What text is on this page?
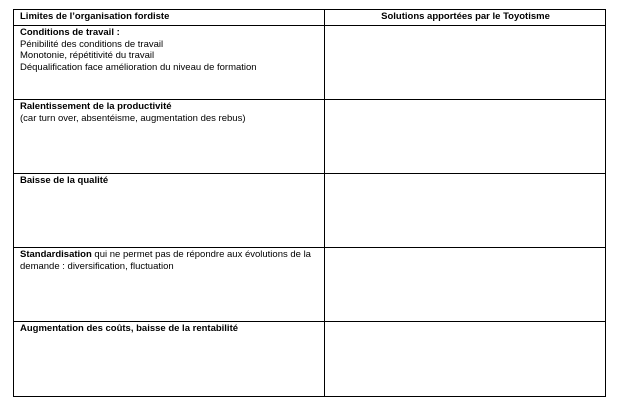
Limites de l’organisation fordiste	Solutions apportées par le Toyotisme

Conditions de travail :
Pénibilité des conditions de travail
Monotonie, répétitivité du travail
Déqualification face amélioration du niveau de formation	

Ralentissement de la productivité
(car turn over, absentéisme, augmentation des rebus)	

Baisse de la qualité	

Standardisation qui ne permet pas de répondre aux évolutions de la
demande : diversification, fluctuation	

Augmentation des coûts, baisse de la rentabilité	
